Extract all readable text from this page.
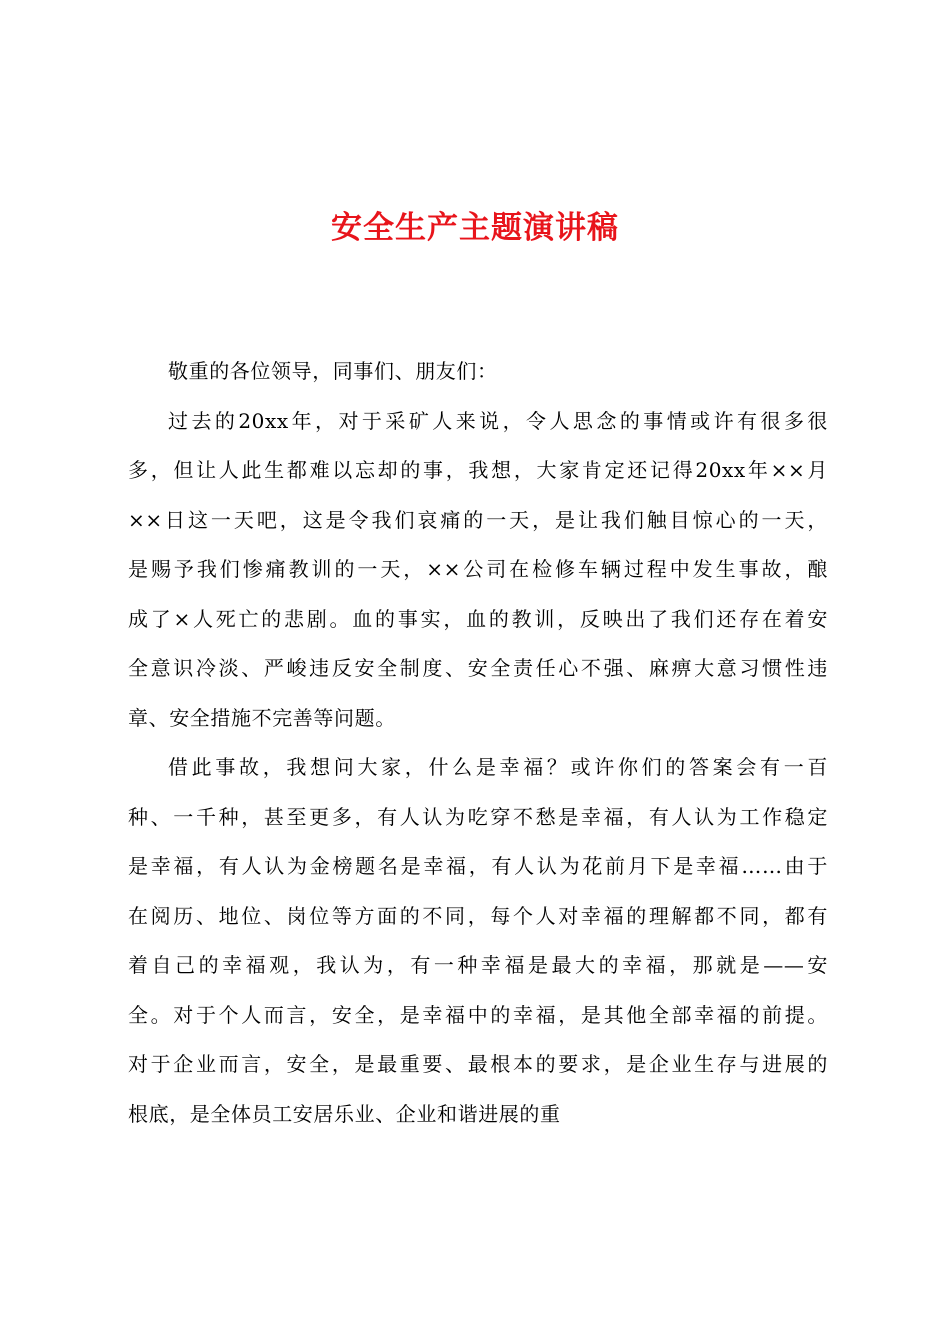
安全生产主题演讲稿

敬重的各位领导，同事们、朋友们：

过去的20xx年，对于采矿人来说，令人思念的事情或许有很多很
多，但让人此生都难以忘却的事，我想，大家肯定还记得20xx年××月
××日这一天吧，这是令我们哀痛的一天，是让我们触目惊心的一天，
是赐予我们惨痛教训的一天，××公司在检修车辆过程中发生事故，酿
成了×人死亡的悲剧。血的事实，血的教训，反映出了我们还存在着安
全意识冷淡、严峻违反安全制度、安全责任心不强、麻痹大意习惯性违
章、安全措施不完善等问题。

借此事故，我想问大家，什么是幸福？或许你们的答案会有一百
种、一千种，甚至更多，有人认为吃穿不愁是幸福，有人认为工作稳定
是幸福，有人认为金榜题名是幸福，有人认为花前月下是幸福……由于
在阅历、地位、岗位等方面的不同，每个人对幸福的理解都不同，都有
着自己的幸福观，我认为，有一种幸福是最大的幸福，那就是——安
全。对于个人而言，安全，是幸福中的幸福，是其他全部幸福的前提。
对于企业而言，安全，是最重要、最根本的要求，是企业生存与进展的
根底，是全体员工安居乐业、企业和谐进展的重
